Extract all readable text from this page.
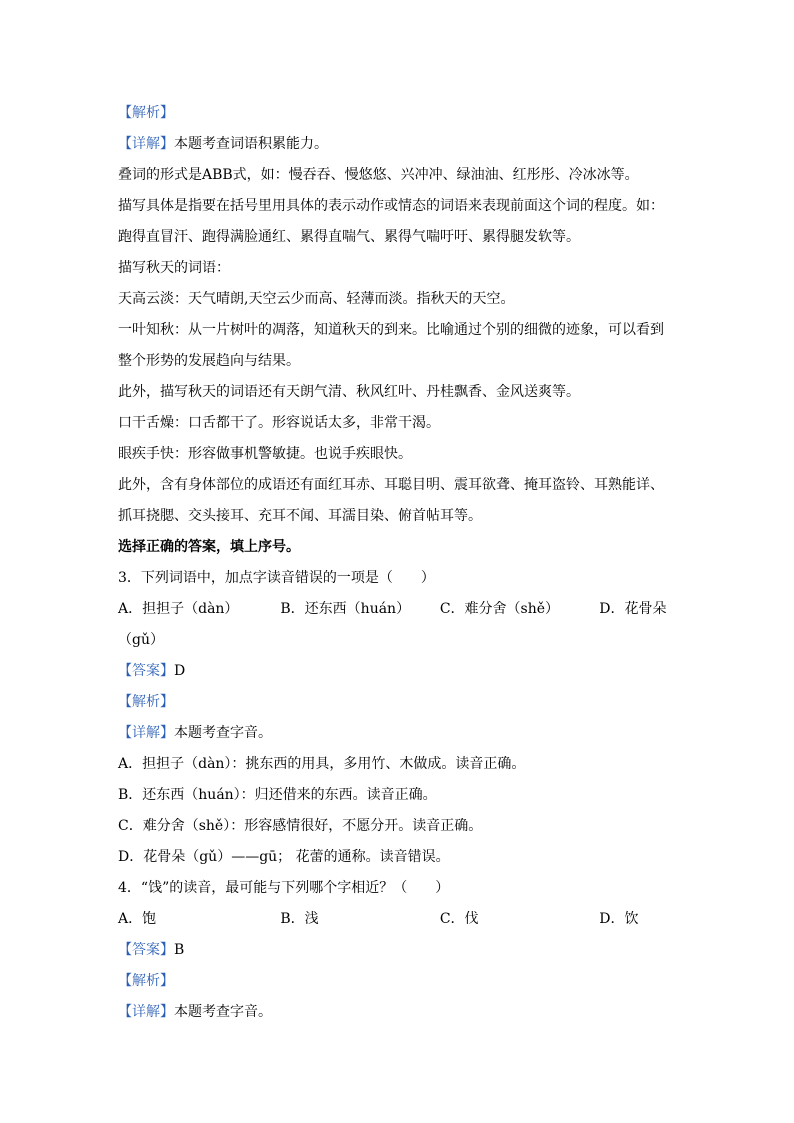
【解析】
【详解】本题考查词语积累能力。
叠词的形式是ABB式，如：慢吞吞、慢悠悠、兴冲冲、绿油油、红彤彤、冷冰冰等。
描写具体是指要在括号里用具体的表示动作或情态的词语来表现前面这个词的程度。如：
跑得直冒汗、跑得满脸通红、累得直喘气、累得气喘吁吁、累得腿发软等。
描写秋天的词语：
天高云淡：天气晴朗,天空云少而高、轻薄而淡。指秋天的天空。
一叶知秋：从一片树叶的凋落，知道秋天的到来。比喻通过个别的细微的迹象，可以看到
整个形势的发展趋向与结果。
此外，描写秋天的词语还有天朗气清、秋风红叶、丹桂飘香、金风送爽等。
口干舌燥：口舌都干了。形容说话太多，非常干渴。
眼疾手快：形容做事机警敏捷。也说手疾眼快。
此外，含有身体部位的成语还有面红耳赤、耳聪目明、震耳欲聋、掩耳盗铃、耳熟能详、
抓耳挠腮、交头接耳、充耳不闻、耳濡目染、俯首帖耳等。
选择正确的答案，填上序号。
3．下列词语中，加点字读音错误的一项是（　　）
A．担担子（dàn）	B．还东西（huán）	C．难分舍（shě）	D．花骨朵
（gǔ）
【答案】D
【解析】
【详解】本题考查字音。
A．担担子（dàn）：挑东西的用具，多用竹、木做成。读音正确。
B．还东西（huán）：归还借来的东西。读音正确。
C．难分舍（shě）：形容感情很好，不愿分开。读音正确。
D．花骨朵（gǔ）——gū； 花蕾的通称。读音错误。
4．“饯”的读音，最可能与下列哪个字相近？（　　）
A．饱	B．浅	C．伐	D．饮
【答案】B
【解析】
【详解】本题考查字音。
